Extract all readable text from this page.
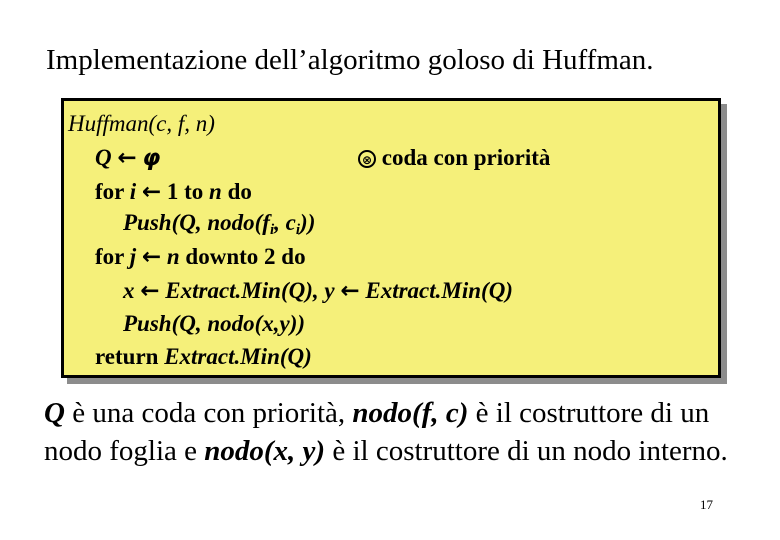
Implementazione dell’algoritmo goloso di Huffman.
Huffman(c, f, n)
Q ← φ	⊗ coda con priorità
for i ← 1 to n do
Push(Q, $nodo(f_i$, $c_i$))
for j ← n downto 2 do
x ← Extract.Min(Q), y ← Extract.Min(Q)
Push(Q, nodo(x,y))
return Extract.Min(Q)
Q è una coda con priorità, nodo(f, c) è il costruttore di un nodo foglia e nodo(x, y) è il costruttore di un nodo interno.
17
